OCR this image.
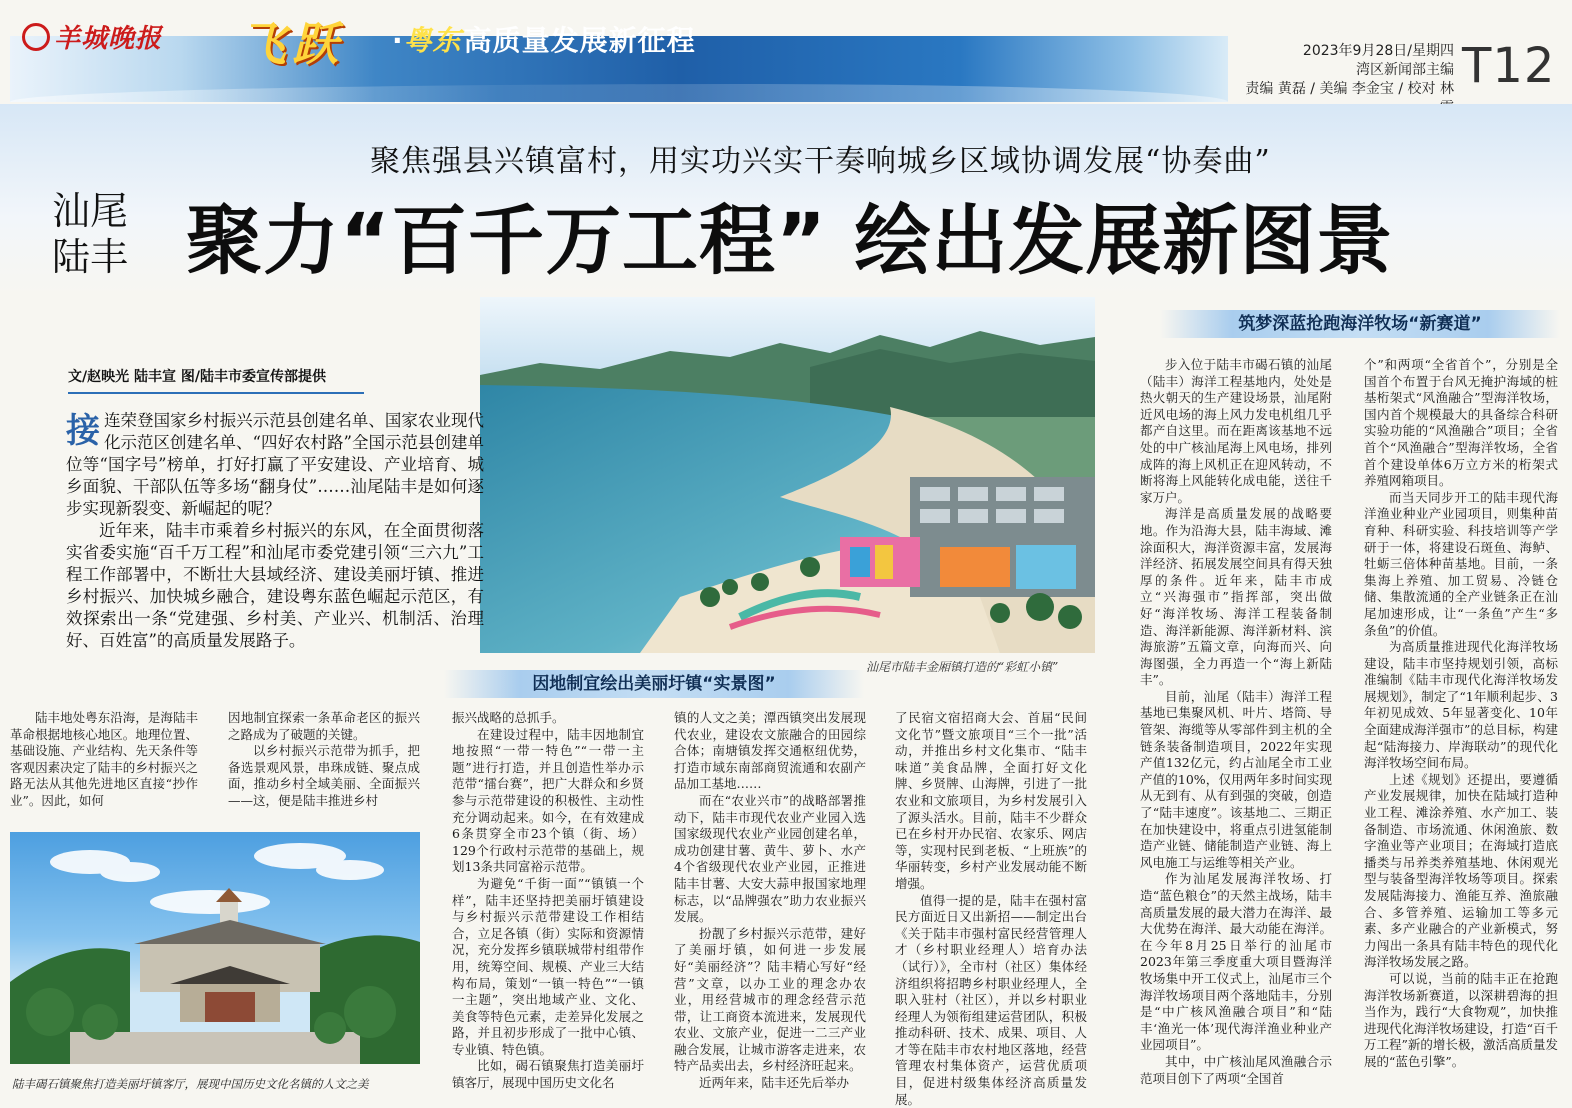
羊城晚报 飞跃 ·粤东高质量发展新征程	2023年9月28日/星期四
湾区新闻部主编
责编 黄磊 / 美编 李金宝 / 校对 林 T12
聚焦强县兴镇富村，用实功兴实干奏响城乡区域协调发展“协奏曲”
汕尾
陆丰 聚力“百千万工程” 绘出发展新图景
汕尾市陆丰金厢镇打造的“彩虹小镇”
文/赵映光 陆丰宣 图/陆丰市委宣传部提供

接连荣登国家乡村振兴示范县创建名单、国家农业现代化示范区创建名单、“四好农村路”全国示范县创建单位等“国字号”榜单，打好打赢了平安建设、产业培育、城乡面貌、干部队伍等多场“翻身仗”……汕尾陆丰是如何逐步实现新裂变、新崛起的呢？

近年来，陆丰市乘着乡村振兴的东风，在全面贯彻落实省委实施“百千万工程”和汕尾市委党建引领“三六九”工程工作部署中，不断壮大县域经济、建设美丽圩镇、推进乡村振兴、加快城乡融合，建设粤东蓝色崛起示范区，有效探索出一条“党建强、乡村美、产业兴、机制活、治理好、百姓富”的高质量发展路子。

因地制宜绘出美丽圩镇“实景图”
筑梦深蓝抢跑海洋牧场“新赛道”

陆丰地处粤东沿海，是海陆丰革命根据地核心地区。地理位置、基础设施、产业结构、先天条件等客观因素决定了陆丰的乡村振兴之路无法从其他先进地区直接“抄作业”。因此，如何

因地制宜探索一条革命老区的振兴之路成为了破题的关键。

以乡村振兴示范带为抓手，把备选景观风景，串珠成链、聚点成面，推动乡村全域美丽、全面振兴——这，便是陆丰推进乡村

振兴战略的总抓手。

在建设过程中，陆丰因地制宜地按照“一带一特色”“一带一主题”进行打造，并且创造性举办示范带“擂台赛”，把广大群众和乡贤参与示范带建设的积极性、主动性充分调动起来。如今，在有效建成6条贯穿全市23个镇（街、场）129个行政村示范带的基础上，规划13条共同富裕示范带。

为避免“千街一面”“镇镇一个样”，陆丰还坚持把美丽圩镇建设与乡村振兴示范带建设工作相结合，立足各镇（街）实际和资源情况，充分发挥乡镇联城带村组带作用，统筹空间、规模、产业三大结构布局，策划“一镇一特色”“一镇一主题”，突出地域产业、文化、美食等特色元素，走差异化发展之路，并且初步形成了一批中心镇、专业镇、特色镇。

比如，碣石镇聚焦打造美丽圩镇客厅，展现中国历史文化名

镇的人文之美；潭西镇突出发展现代农业，建设农文旅融合的田园综合体；南塘镇发挥交通枢纽优势，打造市域东南部商贸流通和农副产品加工基地……

而在“农业兴市”的战略部署推动下，陆丰市现代农业产业园入选国家级现代农业产业园创建名单，成功创建甘薯、黄牛、萝卜、水产4个省级现代农业产业园，正推进陆丰甘薯、大安大蒜申报国家地理标志，以“品牌强农”助力农业振兴发展。

扮靓了乡村振兴示范带，建好了美丽圩镇，如何进一步发展好“美丽经济”？陆丰精心写好“经营”文章，以办工业的理念办农业，用经营城市的理念经营示范带，让工商资本流进来，发展现代农业、文旅产业，促进一二三产业融合发展，让城市游客走进来，农特产品卖出去，乡村经济旺起来。

近两年来，陆丰还先后举办

了民宿文宿招商大会、首届“民间文化节”暨文旅项目“三个一批”活动，并推出乡村文化集市、“陆丰味道”美食品牌，全面打好文化牌、乡贤牌、山海牌，引进了一批农业和文旅项目，为乡村发展引入了源头活水。目前，陆丰不少群众已在乡村开办民宿、农家乐、网店等，实现村民到老板、“上班族”的华丽转变，乡村产业发展动能不断增强。

值得一提的是，陆丰在强村富民方面近日又出新招——制定出台《关于陆丰市强村富民经营管理人才（乡村职业经理人）培育办法（试行）》，全市村（社区）集体经济组织将招聘乡村职业经理人，全职入驻村（社区），并以乡村职业经理人为领衔组建运营团队，积极推动科研、技术、成果、项目、人才等在陆丰市农村地区落地，经营管理农村集体资产，运营优质项目，促进村级集体经济高质量发展。

步入位于陆丰市碣石镇的汕尾（陆丰）海洋工程基地内，处处是热火朝天的生产建设场景，汕尾附近风电场的海上风力发电机组几乎都产自这里。而在距离该基地不远处的中广核汕尾海上风电场，排列成阵的海上风机正在迎风转动，不断将海上风能转化成电能，送往千家万户。

海洋是高质量发展的战略要地。作为沿海大县，陆丰海域、滩涂面积大，海洋资源丰富，发展海洋经济、拓展发展空间具有得天独厚的条件。近年来，陆丰市成立“兴海强市”指挥部，突出做好“海洋牧场、海洋工程装备制造、海洋新能源、海洋新材料、滨海旅游”五篇文章，向海而兴、向海图强，全力再造一个“海上新陆丰”。

目前，汕尾（陆丰）海洋工程基地已集聚风机、叶片、塔筒、导管架、海缆等从零部件到主机的全链条装备制造项目，2022年实现产值132亿元，约占汕尾全市工业产值的10%，仅用两年多时间实现从无到有、从有到强的突破，创造了“陆丰速度”。该基地二、三期正在加快建设中，将重点引进氢能制造产业链、储能制造产业链、海上风电施工与运维等相关产业。

作为汕尾发展海洋牧场、打造“蓝色粮仓”的天然主战场，陆丰高质量发展的最大潜力在海洋、最大优势在海洋、最大动能在海洋。在今年8月25日举行的汕尾市2023年第三季度重大项目暨海洋牧场集中开工仪式上，汕尾市三个海洋牧场项目两个落地陆丰，分别是“中广核风渔融合项目”和“陆丰‘渔光一体’现代海洋渔业种业产业园项目”。

其中，中广核汕尾风渔融合示范项目创下了两项“全国首

个”和两项“全省首个”，分别是全国首个布置于台风无掩护海域的桩基桁架式“风渔融合”型海洋牧场，国内首个规模最大的具备综合科研实验功能的“风渔融合”项目；全省首个“风渔融合”型海洋牧场，全省首个建设单体6万立方米的桁架式养殖网箱项目。

而当天同步开工的陆丰现代海洋渔业种业产业园项目，则集种苗育种、科研实验、科技培训等产学研于一体，将建设石斑鱼、海鲈、牡蛎三倍体种苗基地。目前，一条集海上养殖、加工贸易、冷链仓储、集散流通的全产业链条正在汕尾加速形成，让“一条鱼”产生“多条鱼”的价值。

为高质量推进现代化海洋牧场建设，陆丰市坚持规划引领，高标准编制《陆丰市现代化海洋牧场发展规划》，制定了“1年顺利起步、3年初见成效、5年显著变化、10年全面建成海洋强市”的总目标，构建起“陆海接力、岸海联动”的现代化海洋牧场空间布局。

上述《规划》还提出，要遵循产业发展规律，加快在陆域打造种业工程、滩涂养殖、水产加工、装备制造、市场流通、休闲渔旅、数字渔业等产业项目；在海域打造底播类与吊养类养殖基地、休闲观光型与装备型海洋牧场等项目。探索发展陆海接力、渔能互养、渔旅融合、多管养殖、运输加工等多元素、多产业融合的产业新模式，努力闯出一条具有陆丰特色的现代化海洋牧场发展之路。

可以说，当前的陆丰正在抢跑海洋牧场新赛道，以深耕碧海的担当作为，践行“大食物观”，加快推进现代化海洋牧场建设，打造“百千万工程”新的增长极，激活高质量发展的“蓝色引擎”。

陆丰碣石镇聚焦打造美丽圩镇客厅，展现中国历史文化名镇的人文之美
